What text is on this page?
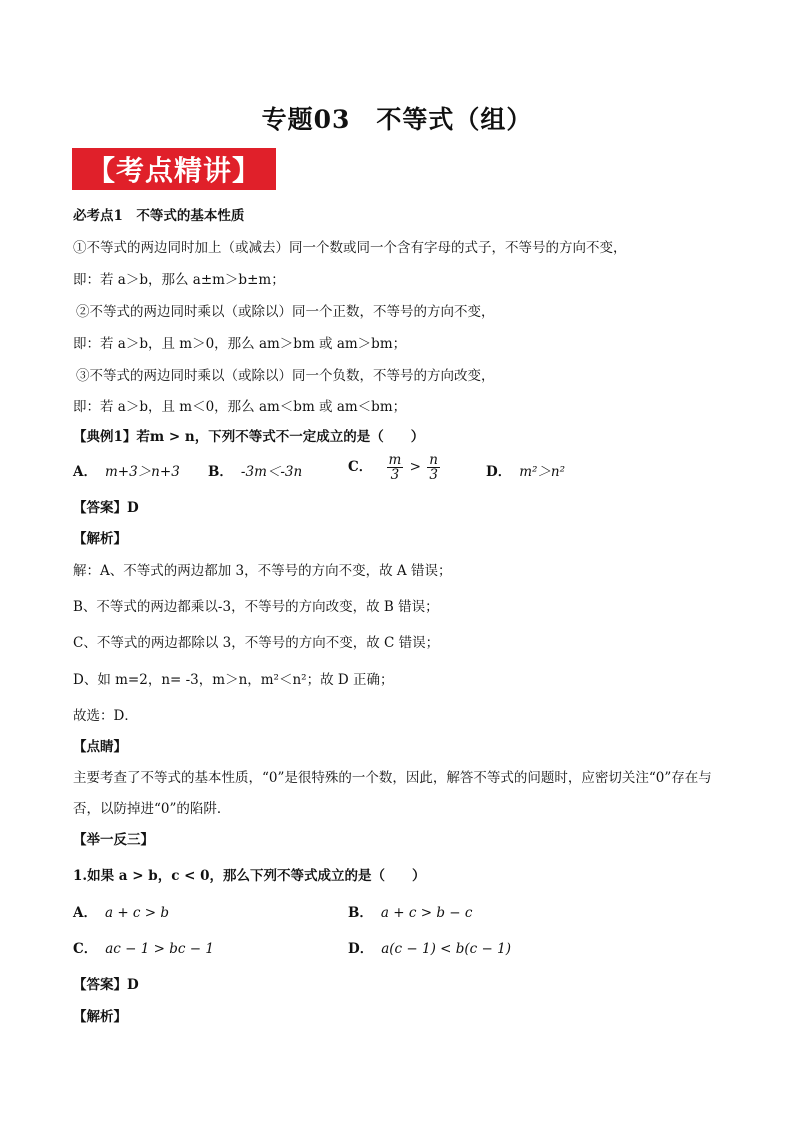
专题03　不等式（组）
【考点精讲】
必考点1　不等式的基本性质
①不等式的两边同时加上（或减去）同一个数或同一个含有字母的式子，不等号的方向不变，
即：若 a＞b，那么 a±m＞b±m；
②不等式的两边同时乘以（或除以）同一个正数，不等号的方向不变，
即：若 a＞b，且 m＞0，那么 am＞bm 或 am＞bm；
③不等式的两边同时乘以（或除以）同一个负数，不等号的方向改变，
即：若 a＞b，且 m＜0，那么 am＜bm 或 am＜bm；
【典例1】若m > n，下列不等式不一定成立的是（　　）
A． m+3＞n+3 B． -3m＜-3n	C． $\frac{m}{3} > \frac{n}{3}$	D． m²＞n²
【答案】D
【解析】
解：A、不等式的两边都加 3，不等号的方向不变，故 A 错误；
B、不等式的两边都乘以-3，不等号的方向改变，故 B 错误；
C、不等式的两边都除以 3，不等号的方向不变，故 C 错误；
D、如 m=2，n= -3，m＞n，m²＜n²；故 D 正确；
故选：D．
【点睛】
主要考查了不等式的基本性质，“0”是很特殊的一个数，因此，解答不等式的问题时，应密切关注“0”存在与
否，以防掉进“0”的陷阱．
【举一反三】
1.如果 a > b，c < 0，那么下列不等式成立的是（　　）
A． a + c > b	B． a + c > b − c
C． ac − 1 > bc − 1	D． a(c − 1) < b(c − 1)
【答案】D
【解析】
